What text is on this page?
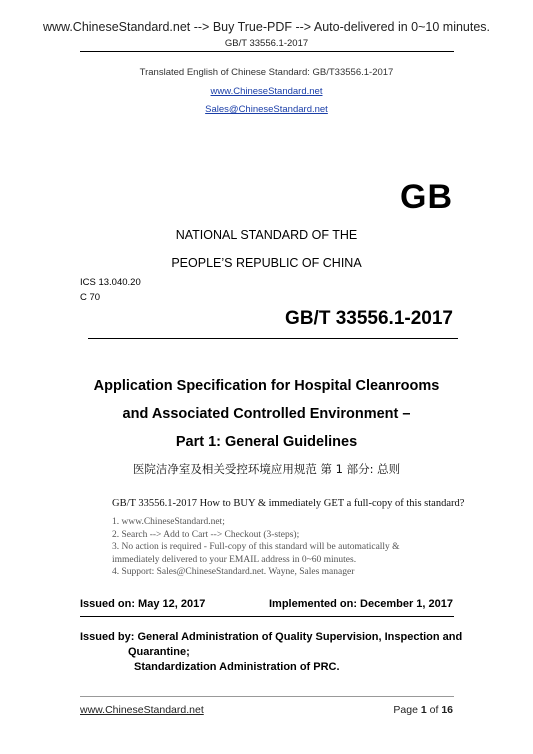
www.ChineseStandard.net --> Buy True-PDF --> Auto-delivered in 0~10 minutes.
GB/T 33556.1-2017
Translated English of Chinese Standard: GB/T33556.1-2017
www.ChineseStandard.net
Sales@ChineseStandard.net
GB
NATIONAL STANDARD OF THE
PEOPLE’S REPUBLIC OF CHINA
ICS 13.040.20
C 70
GB/T 33556.1-2017
Application Specification for Hospital Cleanrooms
and Associated Controlled Environment –
Part 1: General Guidelines
医院洁净室及相关受控环境应用规范 第 1 部分: 总则
GB/T 33556.1-2017 How to BUY & immediately GET a full-copy of this standard?
1. www.ChineseStandard.net;
2. Search --> Add to Cart --> Checkout (3-steps);
3. No action is required - Full-copy of this standard will be automatically &
immediately delivered to your EMAIL address in 0~60 minutes.
4. Support: Sales@ChineseStandard.net. Wayne, Sales manager
Issued on: May 12, 2017	Implemented on: December 1, 2017
Issued by: General Administration of Quality Supervision, Inspection and
Quarantine;
Standardization Administration of PRC.
www.ChineseStandard.net	Page 1 of 16
